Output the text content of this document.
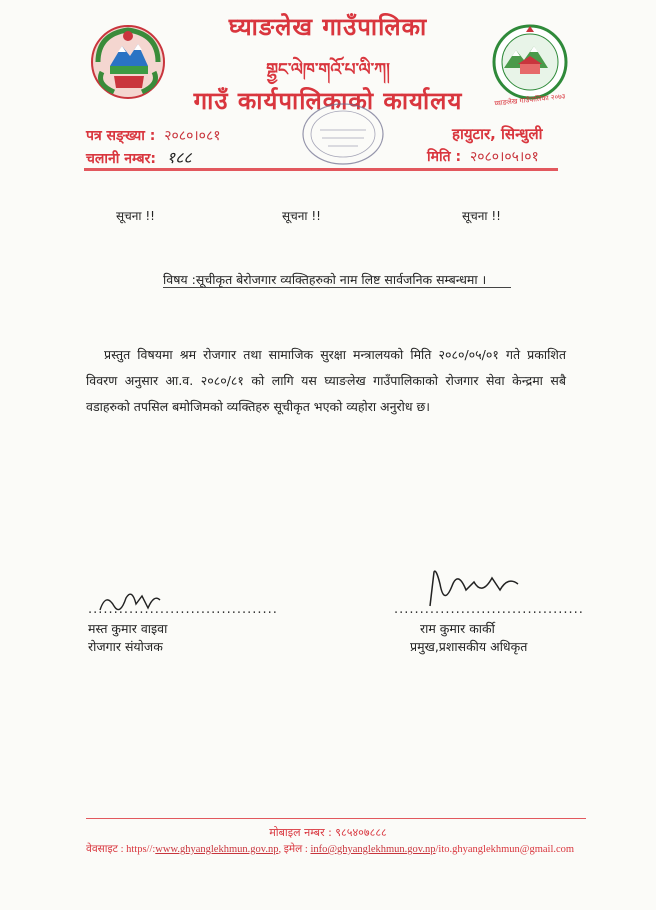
घ्याङलेख गाउँपालिका २०७३
घ्याङलेख गाउँपालिका
གྷྱང་ལེཁ་གའོ་པ་ལི་ཀ།
गाउँ कार्यपालिकाको कार्यालय
पत्र सङ्ख्या : २०८०।०८१
चलानी नम्बर: १८८
हायुटार, सिन्धुली
मिति : २०८०।०५।०१
सूचना !!	सूचना !!	सूचना !!
विषय :सूचीकृत बेरोजगार व्यक्तिहरुको नाम लिष्ट सार्वजनिक सम्बन्धमा ।
प्रस्तुत विषयमा श्रम रोजगार तथा सामाजिक सुरक्षा मन्त्रालयको मिति २०८०/०५/०१ गते प्रकाशित विवरण अनुसार आ.व. २०८०/८१ को लागि यस घ्याङलेख गाउँपालिकाको रोजगार सेवा केन्द्रमा सबै वडाहरुको तपसिल बमोजिमको व्यक्तिहरु सूचीकृत भएको व्यहोरा अनुरोध छ।
.....................................
मस्त कुमार वाइवा
रोजगार संयोजक
.....................................
राम कुमार कार्की
प्रमुख,प्रशासकीय अधिकृत
मोबाइल नम्बर : ९८५४०७८८८
वेवसाइट : https//:www.ghyanglekhmun.gov.np, इमेल : info@ghyanglekhmun.gov.np/ito.ghyanglekhmun@gmail.com
